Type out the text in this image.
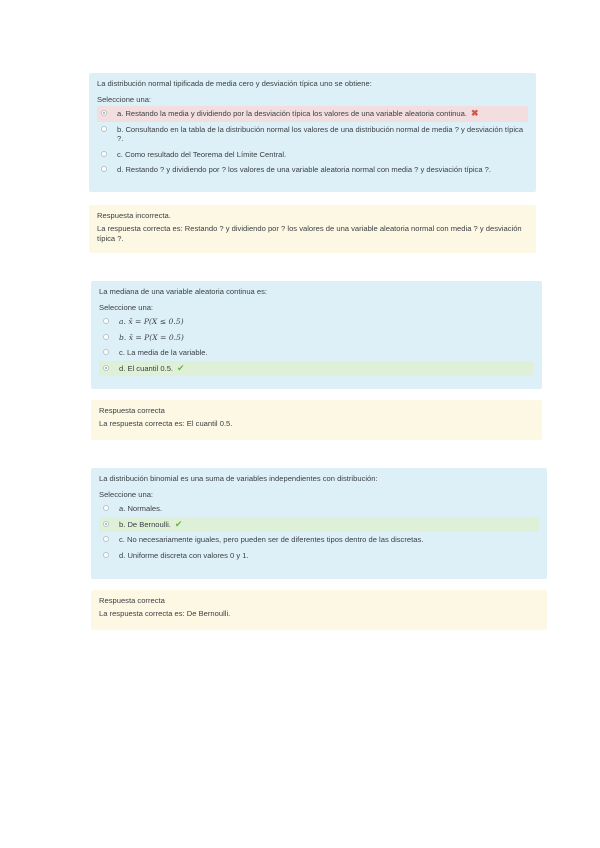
La distribución normal tipificada de media cero y desviación típica uno se obtiene:
Seleccione una:
a. Restando la media y dividiendo por la desviación típica los valores de una variable aleatoria continua. ✖
b. Consultando en la tabla de la distribución normal los valores de una distribución normal de media ? y desviación típica ?.
c. Como resultado del Teorema del Límite Central.
d. Restando ? y dividiendo por ? los valores de una variable aleatoria normal con media ? y desviación típica ?.
Respuesta incorrecta.
La respuesta correcta es: Restando ? y dividiendo por ? los valores de una variable aleatoria normal con media ? y desviación típica ?.
La mediana de una variable aleatoria continua es:
Seleccione una:
a. x̄ = P(X ≤ 0.5)
b. x̄ = P(X = 0.5)
c. La media de la variable.
d. El cuantil 0.5. ✔
Respuesta correcta
La respuesta correcta es: El cuantil 0.5.
La distribución binomial es una suma de variables independientes con distribución:
Seleccione una:
a. Normales.
b. De Bernoulli. ✔
c. No necesariamente iguales, pero pueden ser de diferentes tipos dentro de las discretas.
d. Uniforme discreta con valores 0 y 1.
Respuesta correcta
La respuesta correcta es: De Bernoulli.
